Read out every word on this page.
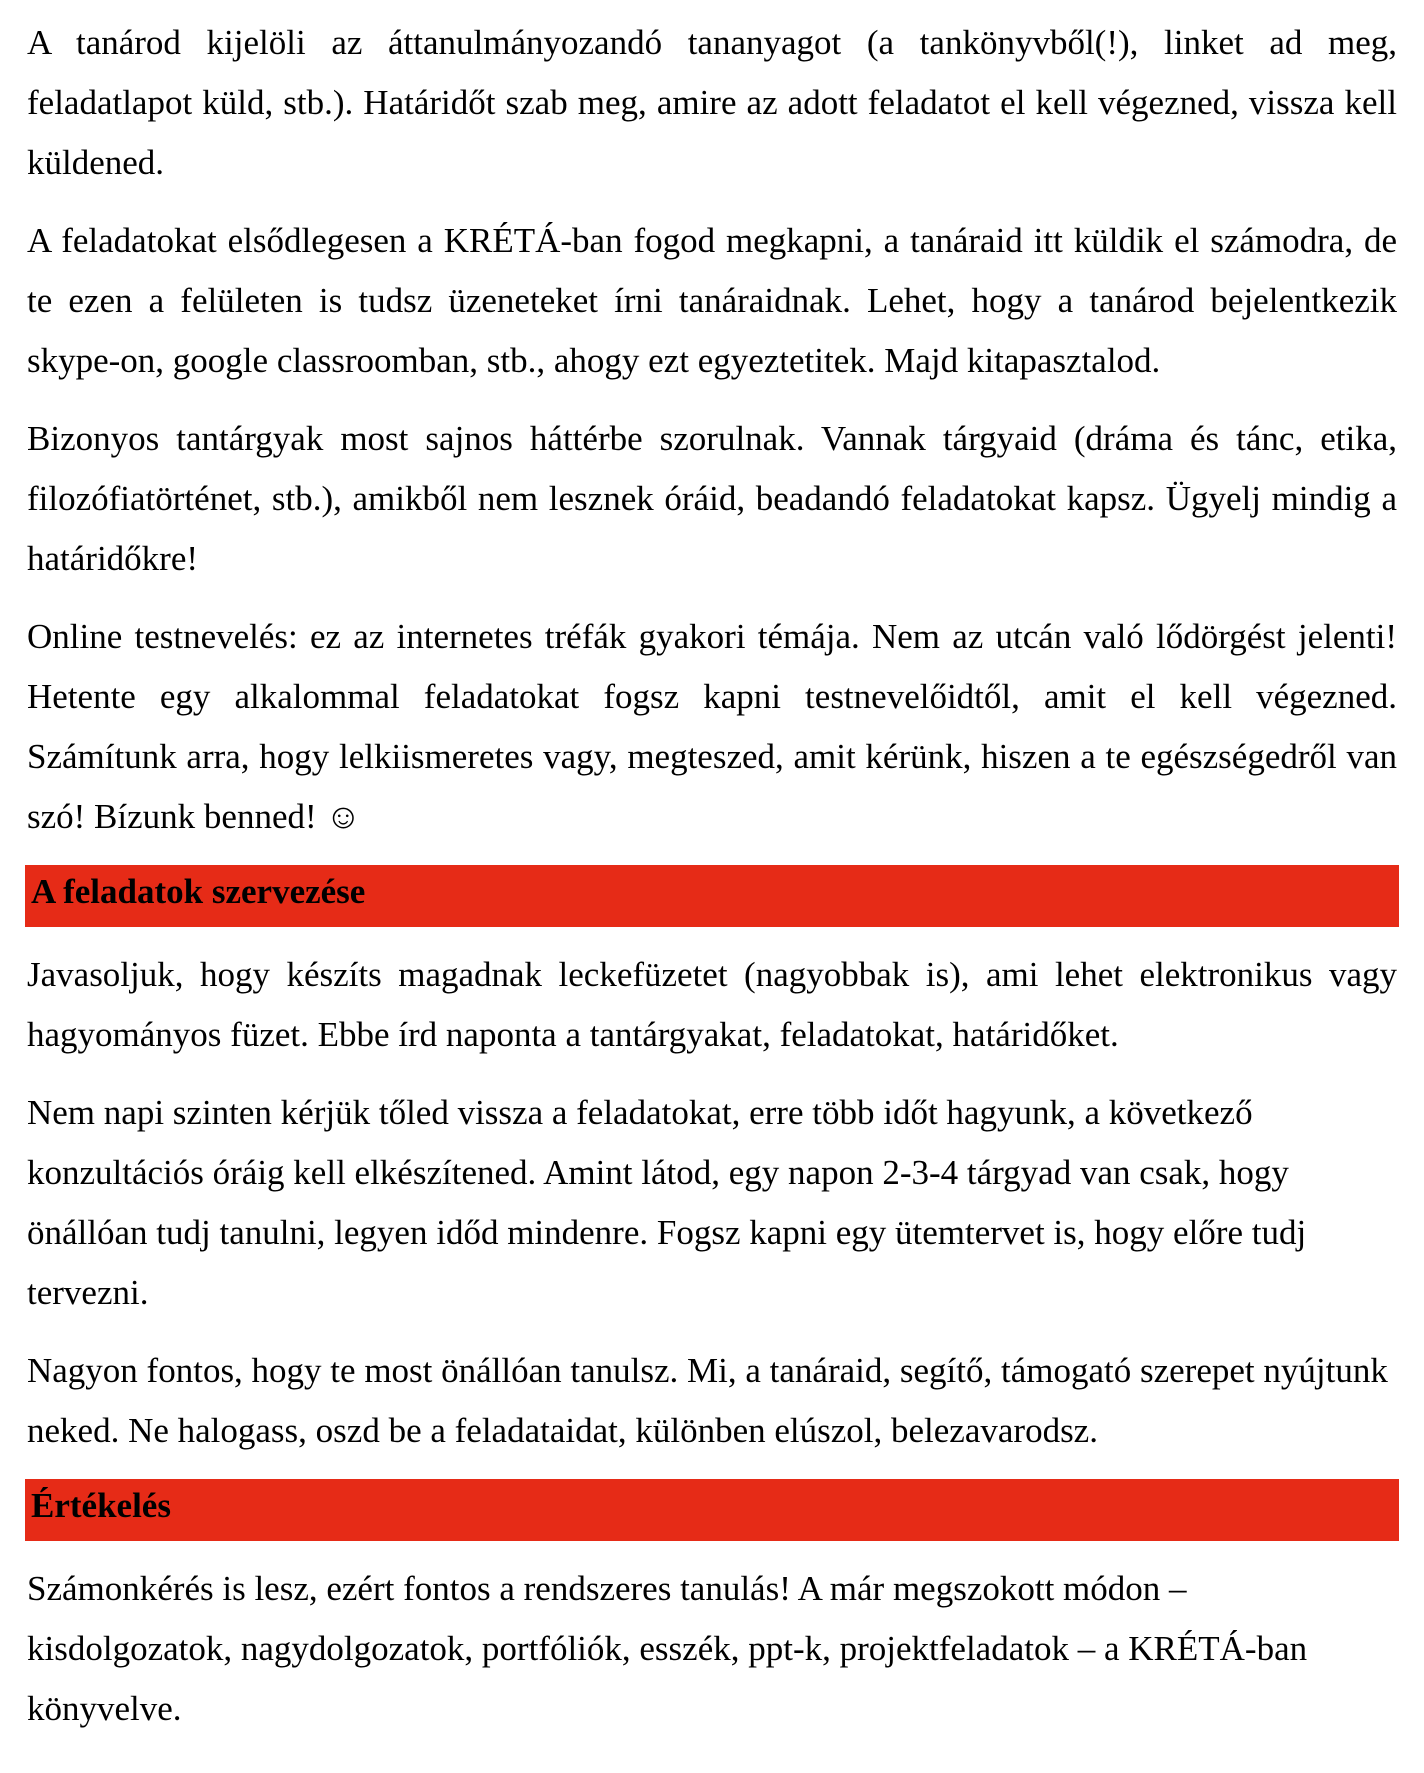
A tanárod kijelöli az áttanulmányozandó tananyagot (a tankönyvből(!), linket ad meg, feladatlapot küld, stb.). Határidőt szab meg, amire az adott feladatot el kell végezned, vissza kell küldened.

A feladatokat elsődlegesen a KRÉTÁ-ban fogod megkapni, a tanáraid itt küldik el számodra, de te ezen a felületen is tudsz üzeneteket írni tanáraidnak. Lehet, hogy a tanárod bejelentkezik skype-on, google classroomban, stb., ahogy ezt egyeztetitek. Majd kitapasztalod.

Bizonyos tantárgyak most sajnos háttérbe szorulnak. Vannak tárgyaid (dráma és tánc, etika, filozófiatörténet, stb.), amikből nem lesznek óráid, beadandó feladatokat kapsz. Ügyelj mindig a határidőkre!

Online testnevelés: ez az internetes tréfák gyakori témája. Nem az utcán való lődörgést jelenti! Hetente egy alkalommal feladatokat fogsz kapni testnevelőidtől, amit el kell végezned. Számítunk arra, hogy lelkiismeretes vagy, megteszed, amit kérünk, hiszen a te egészségedről van szó! Bízunk benned! ☺

A feladatok szervezése

Javasoljuk, hogy készíts magadnak leckefüzetet (nagyobbak is), ami lehet elektronikus vagy hagyományos füzet. Ebbe írd naponta a tantárgyakat, feladatokat, határidőket.

Nem napi szinten kérjük tőled vissza a feladatokat, erre több időt hagyunk, a következő konzultációs óráig kell elkészítened. Amint látod, egy napon 2-3-4 tárgyad van csak, hogy önállóan tudj tanulni, legyen időd mindenre. Fogsz kapni egy ütemtervet is, hogy előre tudj tervezni.

Nagyon fontos, hogy te most önállóan tanulsz. Mi, a tanáraid, segítő, támogató szerepet nyújtunk neked. Ne halogass, oszd be a feladataidat, különben elúszol, belezavarodsz.

Értékelés

Számonkérés is lesz, ezért fontos a rendszeres tanulás! A már megszokott módon – kisdolgozatok, nagydolgozatok, portfóliók, esszék, ppt-k, projektfeladatok – a KRÉTÁ-ban könyvelve.
